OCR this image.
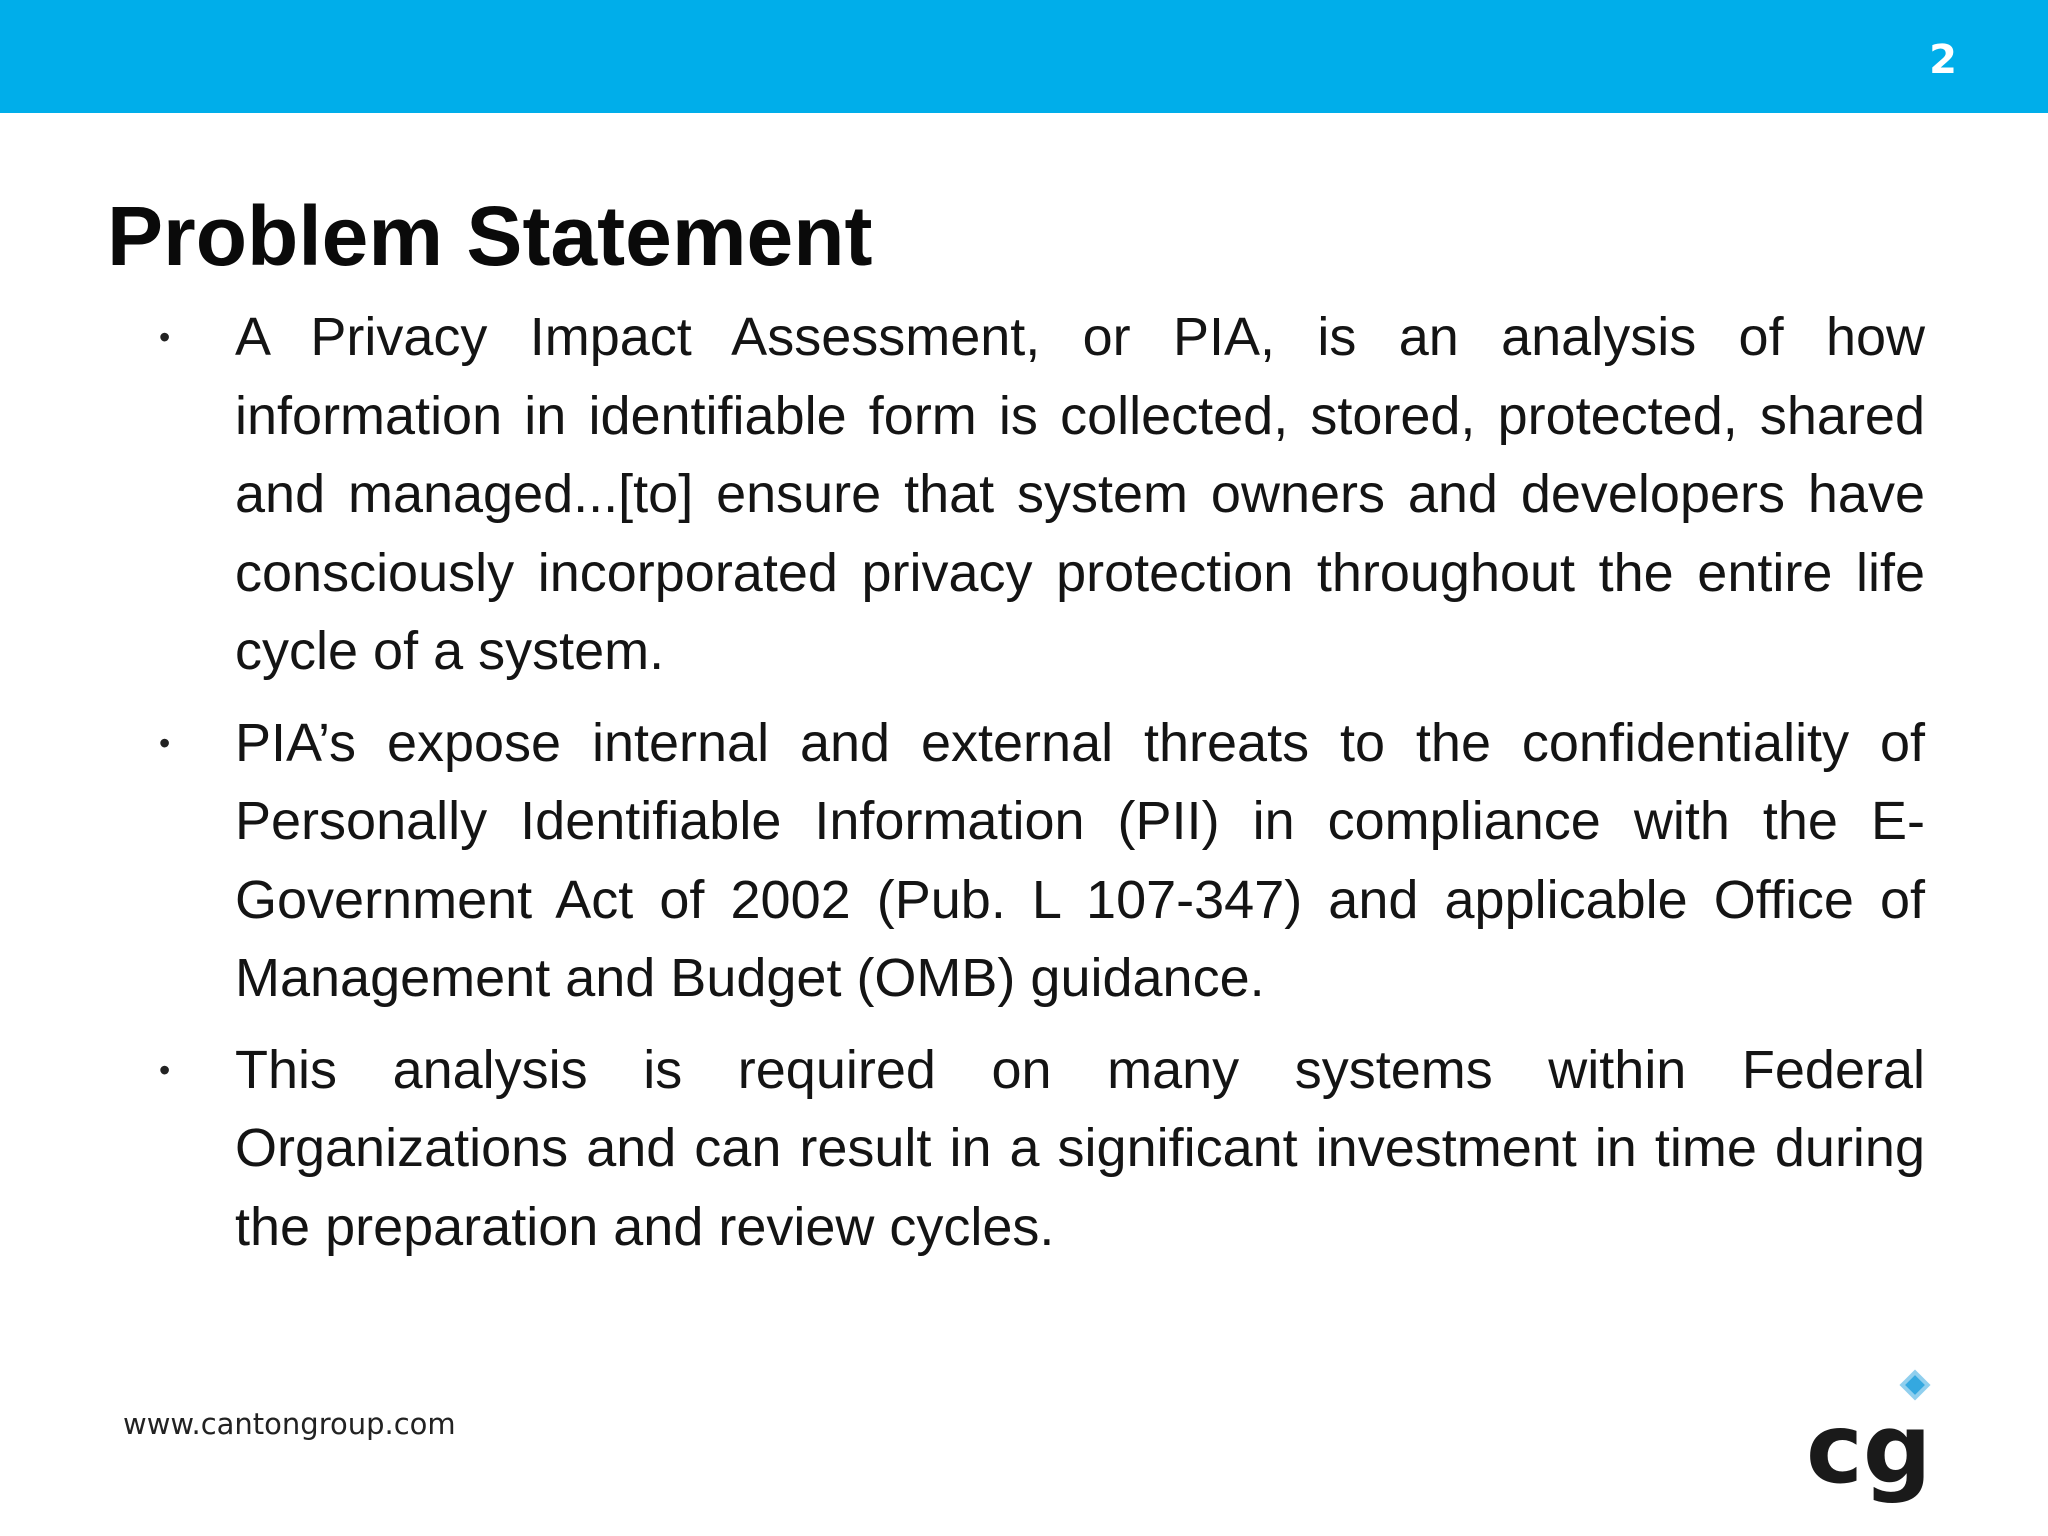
2
Problem Statement
• A Privacy Impact Assessment, or PIA, is an analysis of how information in identifiable form is collected, stored, protected, shared and managed...[to] ensure that system owners and developers have consciously incorporated privacy protection throughout the entire life cycle of a system.
• PIA’s expose internal and external threats to the confidentiality of Personally Identifiable Information (PII) in compliance with the E-Government Act of 2002 (Pub. L 107-347) and applicable Office of Management and Budget (OMB) guidance.
• This analysis is required on many systems within Federal Organizations and can result in a significant investment in time during the preparation and review cycles.
www.cantongroup.com	cg
